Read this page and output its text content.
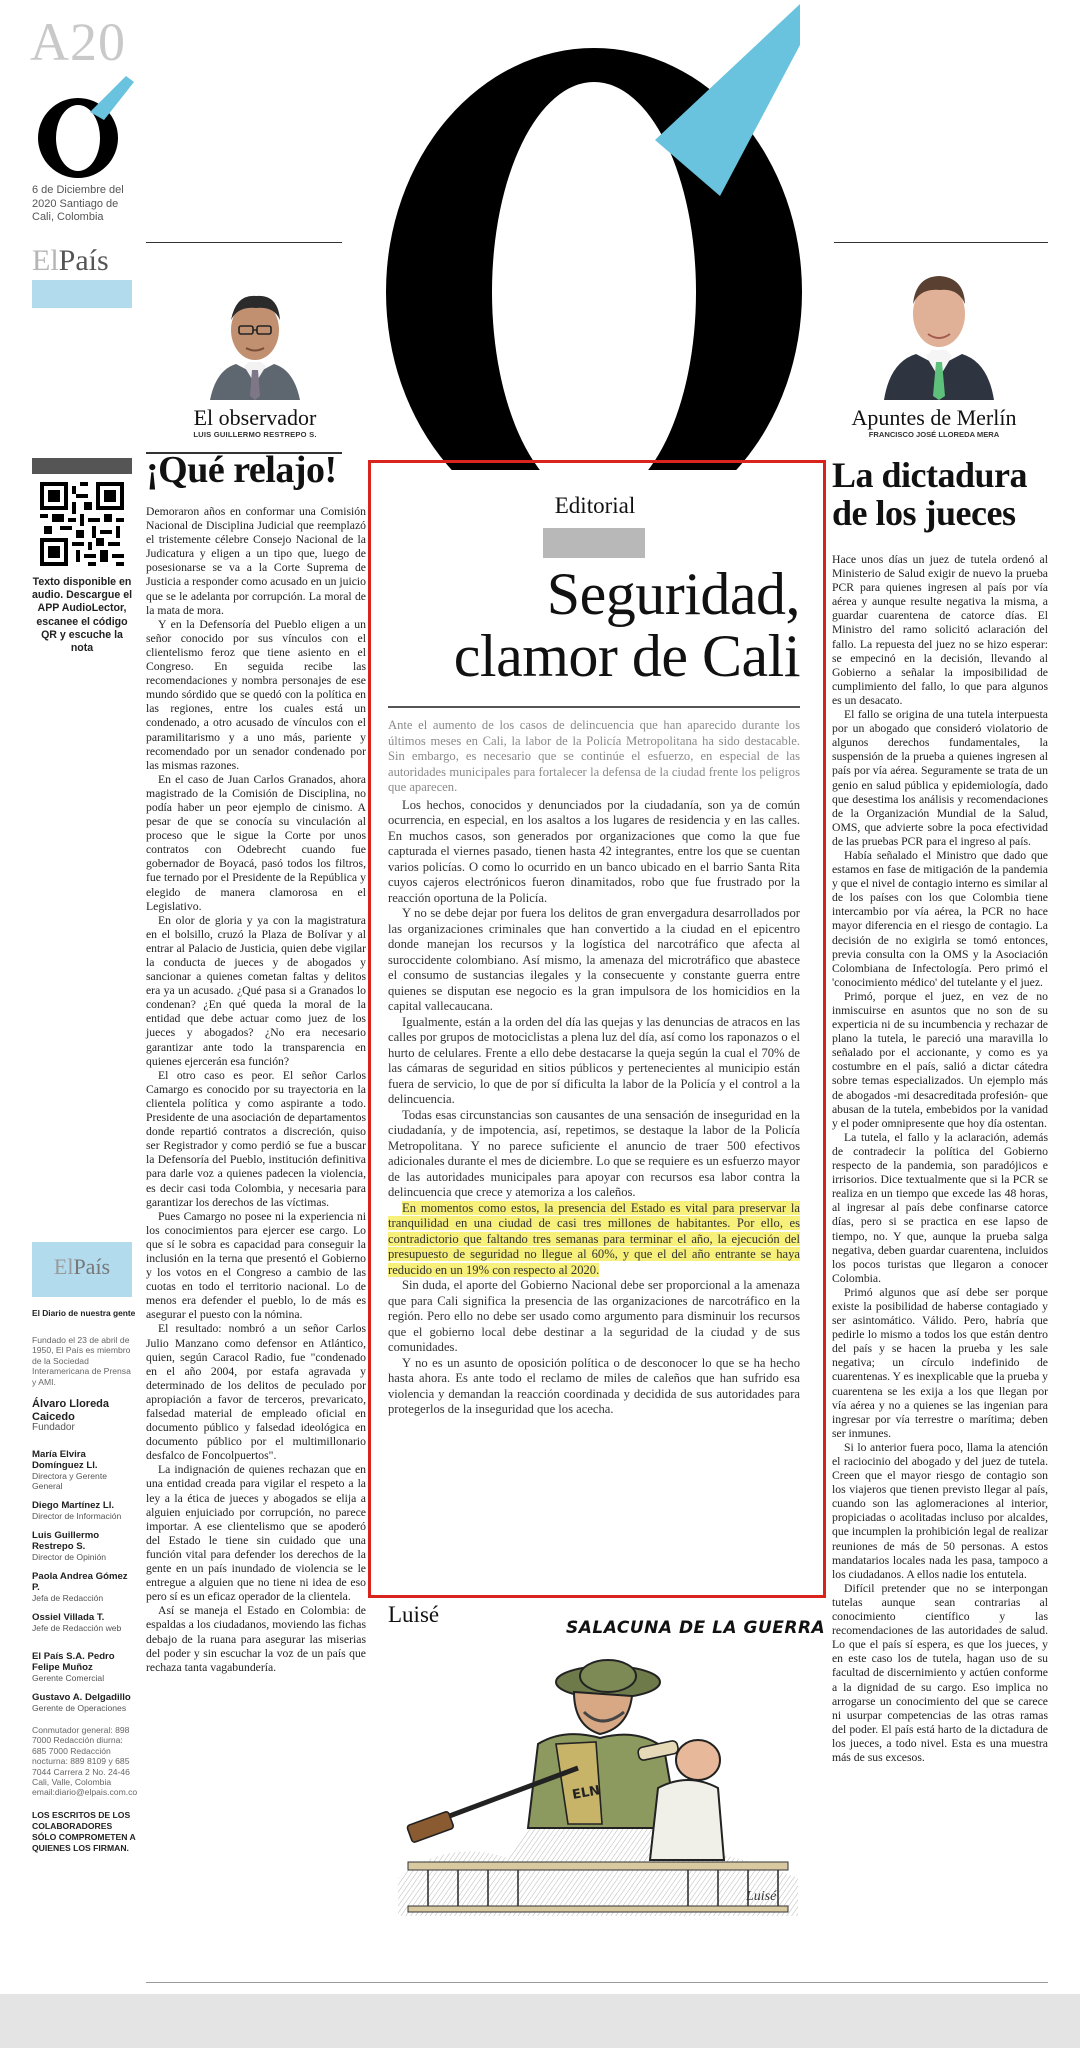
A20
6 de Diciembre del 2020 Santiago de Cali, Colombia
ElPaís
El observador
LUIS GUILLERMO RESTREPO S.
Apuntes de Merlín
FRANCISCO JOSÉ LLOREDA MERA
Texto disponible en audio. Descargue el APP AudioLector, escanee el código QR y escuche la nota
ElPaís
El Diario de nuestra gente
Fundado el 23 de abril de 1950, El País es miembro de la Sociedad Interamericana de Prensa y AMI.
Álvaro Lloreda Caicedo
Fundador
María Elvira Domínguez Ll.
Directora y Gerente General
Diego Martínez Ll.
Director de Información
Luis Guillermo Restrepo S.
Director de Opinión
Paola Andrea Gómez P.
Jefa de Redacción
Ossiel Villada T.
Jefe de Redacción web
El País S.A. Pedro Felipe Muñoz
Gerente Comercial
Gustavo A. Delgadillo
Gerente de Operaciones
Conmutador general: 898 7000 Redacción diurna: 685 7000 Redacción nocturna: 889 8109 y 685 7044 Carrera 2 No. 24-46 Cali, Valle, Colombia email:diario@elpais.com.co
LOS ESCRITOS DE LOS COLABORADORES SÓLO COMPROMETEN A QUIENES LOS FIRMAN.
¡Qué relajo!

Demoraron años en conformar una Comisión Nacional de Disciplina Judicial que reemplazó el tristemente célebre Consejo Nacional de la Judicatura y eligen a un tipo que, luego de posesionarse se va a la Corte Suprema de Justicia a responder como acusado en un juicio que se le adelanta por corrupción. La moral de la mata de mora.

Y en la Defensoría del Pueblo eligen a un señor conocido por sus vínculos con el clientelismo feroz que tiene asiento en el Congreso. En seguida recibe las recomendaciones y nombra personajes de ese mundo sórdido que se quedó con la política en las regiones, entre los cuales está un condenado, a otro acusado de vínculos con el paramilitarismo y a uno más, pariente y recomendado por un senador condenado por las mismas razones.

En el caso de Juan Carlos Granados, ahora magistrado de la Comisión de Disciplina, no podía haber un peor ejemplo de cinismo. A pesar de que se conocía su vinculación al proceso que le sigue la Corte por unos contratos con Odebrecht cuando fue gobernador de Boyacá, pasó todos los filtros, fue ternado por el Presidente de la República y elegido de manera clamorosa en el Legislativo.

En olor de gloria y ya con la magistratura en el bolsillo, cruzó la Plaza de Bolívar y al entrar al Palacio de Justicia, quien debe vigilar la conducta de jueces y de abogados y sancionar a quienes cometan faltas y delitos era ya un acusado. ¿Qué pasa si a Granados lo condenan? ¿En qué queda la moral de la entidad que debe actuar como juez de los jueces y abogados? ¿No era necesario garantizar ante todo la transparencia en quienes ejercerán esa función?

El otro caso es peor. El señor Carlos Camargo es conocido por su trayectoria en la clientela política y como aspirante a todo. Presidente de una asociación de departamentos donde repartió contratos a discreción, quiso ser Registrador y como perdió se fue a buscar la Defensoría del Pueblo, institución definitiva para darle voz a quienes padecen la violencia, es decir casi toda Colombia, y necesaria para garantizar los derechos de las víctimas.

Pues Camargo no posee ni la experiencia ni los conocimientos para ejercer ese cargo. Lo que sí le sobra es capacidad para conseguir la inclusión en la terna que presentó el Gobierno y los votos en el Congreso a cambio de las cuotas en todo el territorio nacional. Lo de menos era defender el pueblo, lo de más es asegurar el puesto con la nómina.

El resultado: nombró a un señor Carlos Julio Manzano como defensor en Atlántico, quien, según Caracol Radio, fue "condenado en el año 2004, por estafa agravada y determinado de los delitos de peculado por apropiación a favor de terceros, prevaricato, falsedad material de empleado oficial en documento público y falsedad ideológica en documento público por el multimillonario desfalco de Foncolpuertos".

La indignación de quienes rechazan que en una entidad creada para vigilar el respeto a la ley a la ética de jueces y abogados se elija a alguien enjuiciado por corrupción, no parece importar. A ese clientelismo que se apoderó del Estado le tiene sin cuidado que una función vital para defender los derechos de la gente en un país inundado de violencia se le entregue a alguien que no tiene ni idea de eso pero sí es un eficaz operador de la clientela.

Así se maneja el Estado en Colombia: de espaldas a los ciudadanos, moviendo las fichas debajo de la ruana para asegurar las miserias del poder y sin escuchar la voz de un país que rechaza tanta vagabundería.

Editorial
Seguridad,
clamor de Cali

Ante el aumento de los casos de delincuencia que han aparecido durante los últimos meses en Cali, la labor de la Policía Metropolitana ha sido destacable. Sin embargo, es necesario que se continúe el esfuerzo, en especial de las autoridades municipales para fortalecer la defensa de la ciudad frente los peligros que aparecen.

Los hechos, conocidos y denunciados por la ciudadanía, son ya de común ocurrencia, en especial, en los asaltos a los lugares de residencia y en las calles. En muchos casos, son generados por organizaciones que como la que fue capturada el viernes pasado, tienen hasta 42 integrantes, entre los que se cuentan varios policías. O como lo ocurrido en un banco ubicado en el barrio Santa Rita cuyos cajeros electrónicos fueron dinamitados, robo que fue frustrado por la reacción oportuna de la Policía.

Y no se debe dejar por fuera los delitos de gran envergadura desarrollados por las organizaciones criminales que han convertido a la ciudad en el epicentro donde manejan los recursos y la logística del narcotráfico que afecta al suroccidente colombiano. Así mismo, la amenaza del microtráfico que abastece el consumo de sustancias ilegales y la consecuente y constante guerra entre quienes se disputan ese negocio es la gran impulsora de los homicidios en la capital vallecaucana.

Igualmente, están a la orden del día las quejas y las denuncias de atracos en las calles por grupos de motociclistas a plena luz del día, así como los raponazos o el hurto de celulares. Frente a ello debe destacarse la queja según la cual el 70% de las cámaras de seguridad en sitios públicos y pertenecientes al municipio están fuera de servicio, lo que de por sí dificulta la labor de la Policía y el control a la delincuencia.

Todas esas circunstancias son causantes de una sensación de inseguridad en la ciudadanía, y de impotencia, así, repetimos, se destaque la labor de la Policía Metropolitana. Y no parece suficiente el anuncio de traer 500 efectivos adicionales durante el mes de diciembre. Lo que se requiere es un esfuerzo mayor de las autoridades municipales para apoyar con recursos esa labor contra la delincuencia que crece y atemoriza a los caleños.

En momentos como estos, la presencia del Estado es vital para preservar la tranquilidad en una ciudad de casi tres millones de habitantes. Por ello, es contradictorio que faltando tres semanas para terminar el año, la ejecución del presupuesto de seguridad no llegue al 60%, y que el del año entrante se haya reducido en un 19% con respecto al 2020.

Sin duda, el aporte del Gobierno Nacional debe ser proporcional a la amenaza que para Cali significa la presencia de las organizaciones de narcotráfico en la región. Pero ello no debe ser usado como argumento para disminuir los recursos que el gobierno local debe destinar a la seguridad de la ciudad y de sus comunidades.

Y no es un asunto de oposición política o de desconocer lo que se ha hecho hasta ahora. Es ante todo el reclamo de miles de caleños que han sufrido esa violencia y demandan la reacción coordinada y decidida de sus autoridades para protegerlos de la inseguridad que los acecha.

Luisé
SALACUNA DE LA GUERRA
ELN
Luisé
La dictadura
de los jueces

Hace unos días un juez de tutela ordenó al Ministerio de Salud exigir de nuevo la prueba PCR para quienes ingresen al país por vía aérea y aunque resulte negativa la misma, a guardar cuarentena de catorce días. El Ministro del ramo solicitó aclaración del fallo. La repuesta del juez no se hizo esperar: se empecinó en la decisión, llevando al Gobierno a señalar la imposibilidad de cumplimiento del fallo, lo que para algunos es un desacato.

El fallo se origina de una tutela interpuesta por un abogado que consideró violatorio de algunos derechos fundamentales, la suspensión de la prueba a quienes ingresen al país por vía aérea. Seguramente se trata de un genio en salud pública y epidemiología, dado que desestima los análisis y recomendaciones de la Organización Mundial de la Salud, OMS, que advierte sobre la poca efectividad de las pruebas PCR para el ingreso al país.

Había señalado el Ministro que dado que estamos en fase de mitigación de la pandemia y que el nivel de contagio interno es similar al de los países con los que Colombia tiene intercambio por vía aérea, la PCR no hace mayor diferencia en el riesgo de contagio. La decisión de no exigirla se tomó entonces, previa consulta con la OMS y la Asociación Colombiana de Infectología. Pero primó el 'conocimiento médico' del tutelante y el juez.

Primó, porque el juez, en vez de no inmiscuirse en asuntos que no son de su experticia ni de su incumbencia y rechazar de plano la tutela, le pareció una maravilla lo señalado por el accionante, y como es ya costumbre en el país, salió a dictar cátedra sobre temas especializados. Un ejemplo más de abogados -mi desacreditada profesión- que abusan de la tutela, embebidos por la vanidad y el poder omnipresente que hoy día ostentan.

La tutela, el fallo y la aclaración, además de contradecir la política del Gobierno respecto de la pandemia, son paradójicos e irrisorios. Dice textualmente que si la PCR se realiza en un tiempo que excede las 48 horas, al ingresar al país debe confinarse catorce días, pero si se practica en ese lapso de tiempo, no. Y que, aunque la prueba salga negativa, deben guardar cuarentena, incluidos los pocos turistas que llegaron a conocer Colombia.

Primó algunos que así debe ser porque existe la posibilidad de haberse contagiado y ser asintomático. Válido. Pero, habría que pedirle lo mismo a todos los que están dentro del país y se hacen la prueba y les sale negativa; un círculo indefinido de cuarentenas. Y es inexplicable que la prueba y cuarentena se les exija a los que llegan por vía aérea y no a quienes se las ingenian para ingresar por vía terrestre o marítima; deben ser inmunes.

Si lo anterior fuera poco, llama la atención el raciocinio del abogado y del juez de tutela. Creen que el mayor riesgo de contagio son los viajeros que tienen previsto llegar al país, cuando son las aglomeraciones al interior, propiciadas o acolitadas incluso por alcaldes, que incumplen la prohibición legal de realizar reuniones de más de 50 personas. A estos mandatarios locales nada les pasa, tampoco a los ciudadanos. A ellos nadie los entutela.

Difícil pretender que no se interpongan tutelas aunque sean contrarias al conocimiento científico y las recomendaciones de las autoridades de salud. Lo que el país sí espera, es que los jueces, y en este caso los de tutela, hagan uso de su facultad de discernimiento y actúen conforme a la dignidad de su cargo. Eso implica no arrogarse un conocimiento del que se carece ni usurpar competencias de las otras ramas del poder. El país está harto de la dictadura de los jueces, a todo nivel. Esta es una muestra más de sus excesos.
